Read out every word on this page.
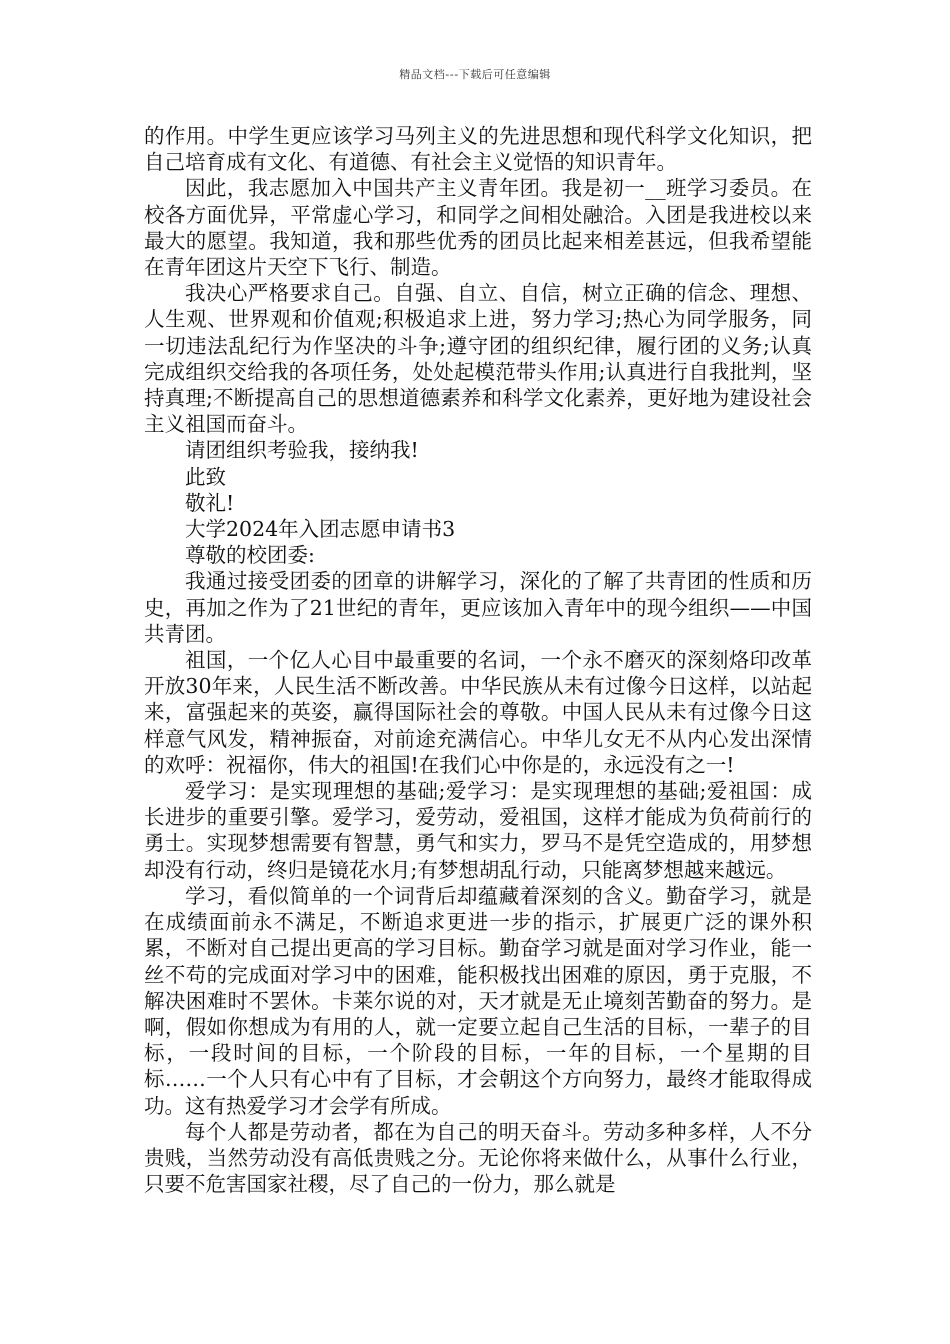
精品文档---下载后可任意编辑

的作用。中学生更应该学习马列主义的先进思想和现代科学文化知识，把自己培育成有文化、有道德、有社会主义觉悟的知识青年。

因此，我志愿加入中国共产主义青年团。我是初一__班学习委员。在校各方面优异，平常虚心学习，和同学之间相处融洽。入团是我进校以来最大的愿望。我知道，我和那些优秀的团员比起来相差甚远，但我希望能在青年团这片天空下飞行、制造。

我决心严格要求自己。自强、自立、自信，树立正确的信念、理想、人生观、世界观和价值观;积极追求上进，努力学习;热心为同学服务，同一切违法乱纪行为作坚决的斗争;遵守团的组织纪律，履行团的义务;认真完成组织交给我的各项任务，处处起模范带头作用;认真进行自我批判，坚持真理;不断提高自己的思想道德素养和科学文化素养，更好地为建设社会主义祖国而奋斗。

请团组织考验我，接纳我!

此致

敬礼!

大学2024年入团志愿申请书3

尊敬的校团委:

我通过接受团委的团章的讲解学习，深化的了解了共青团的性质和历史，再加之作为了21世纪的青年，更应该加入青年中的现今组织——中国共青团。

祖国，一个亿人心目中最重要的名词，一个永不磨灭的深刻烙印改革开放30年来，人民生活不断改善。中华民族从未有过像今日这样，以站起来，富强起来的英姿，赢得国际社会的尊敬。中国人民从未有过像今日这样意气风发，精神振奋，对前途充满信心。中华儿女无不从内心发出深情的欢呼：祝福你，伟大的祖国!在我们心中你是的，永远没有之一!

爱学习：是实现理想的基础;爱学习：是实现理想的基础;爱祖国：成长进步的重要引擎。爱学习，爱劳动，爱祖国，这样才能成为负荷前行的勇士。实现梦想需要有智慧，勇气和实力，罗马不是凭空造成的，用梦想却没有行动，终归是镜花水月;有梦想胡乱行动，只能离梦想越来越远。

学习，看似简单的一个词背后却蕴藏着深刻的含义。勤奋学习，就是在成绩面前永不满足，不断追求更进一步的指示，扩展更广泛的课外积累，不断对自己提出更高的学习目标。勤奋学习就是面对学习作业，能一丝不苟的完成面对学习中的困难，能积极找出困难的原因，勇于克服，不解决困难时不罢休。卡莱尔说的对，天才就是无止境刻苦勤奋的努力。是啊，假如你想成为有用的人，就一定要立起自己生活的目标，一辈子的目标，一段时间的目标，一个阶段的目标，一年的目标，一个星期的目标……一个人只有心中有了目标，才会朝这个方向努力，最终才能取得成功。这有热爱学习才会学有所成。

每个人都是劳动者，都在为自己的明天奋斗。劳动多种多样，人不分贵贱，当然劳动没有高低贵贱之分。无论你将来做什么，从事什么行业，只要不危害国家社稷，尽了自己的一份力，那么就是
